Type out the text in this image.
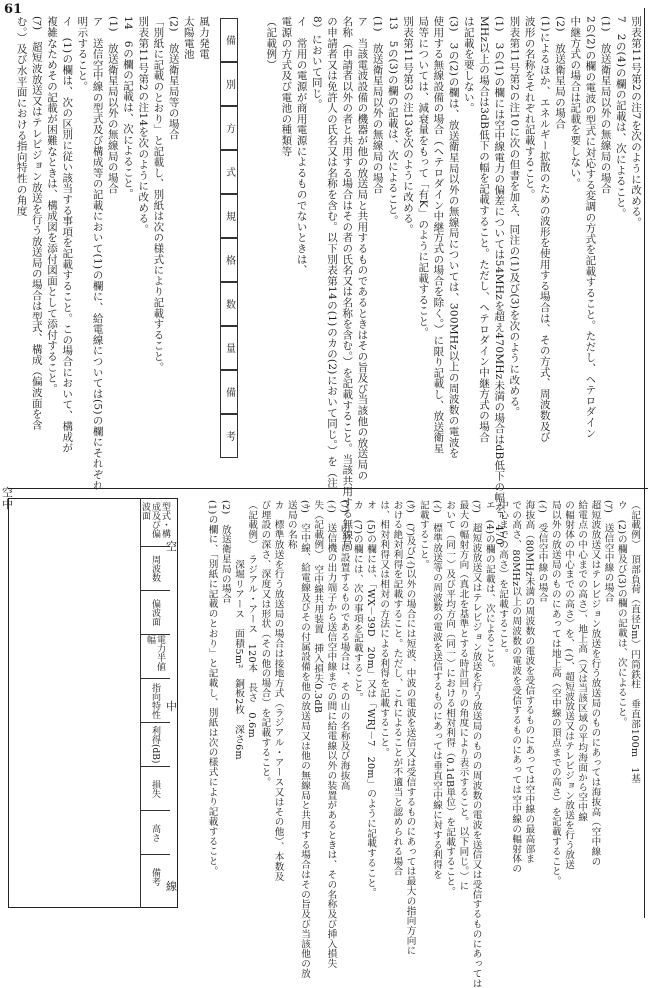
61
別表第11号第2の注7を次のように改める。
7　2の(4)の欄の記載は、次によること。
(1)　放送衛星局以外の無線局の場合
2の(2)の欄の電波の型式に対応する変調の方式を記載すること。ただし、ヘテロダイン
中継方式の場合は記載を要しない。
(2)　放送衛星局の場合
(1)によるほか、エネルギー拡散のための波形を使用する場合は、その方式、周波数及び
波形の名称をそれぞれ記載すること。
別表第11号第2の注10に次の但書を加え、同注の(1)及び(3)を次のように改める。
(1)　3の(1)の欄には空中線電力の偏差については54MHzを超え470MHz未満の場合はdB低下の幅を、470
MHz以上の場合は3dB低下の幅を記載すること。ただし、ヘテロダイン中継方式の場合
は記載を要しない。
(3)　3の(2)の欄は、放送衛星局以外の無線局については、300MHz以上の周波数の電波を
使用する無線設備の場合（ヘテロダイン中継方式の場合を除く。）に限り記載し、放送衛星
局等については、減衰量をもって「有K」のように記載すること。
別表第11号第3の注13を次のように改める。
13　5の(3)の欄の記載は、次によること。
(1)　放送衛星局以外の無線局の場合
ア　当該電波設備の機器が他の放送局と共用するものであるときはその旨及び当該他の放送局の
名称（申請者以外の者と共用する場合はその者の氏名又は名称を含む。）を記載すること。当該共用する無線局
の申請者又は免許人の氏名又は名称を含む。以下別表第14の(1)のカの(2)において同じ。）を（注
8）において同じ。
イ　常用の電源が商用電源によるものでないときは、
電源の方式及び電池の種類等
（記載例）
風力発電
太陽電池
(2)　放送衛星局等の場合
「別紙に記載のとおり」と記載し、別紙は次の様式により記載すること。
別表第11号第2の注14を次のように改める。
14　6の欄の記載は、次によること。
(1)　放送衛星局以外の無線局の場合
ア　送信空中線の型式及び構成等の記載において(1)の欄に、給電線については(5)の欄にそれぞれ
明示すること。
イ　(1)の欄は、次の区別に従い該当する事項を記載すること。この場合において、構成が
複雑なためその記載が困難なときは、構成図を添付図面として添付すること。
(ｱ)　超短波放送又はテレビジョン放送を行う放送局の場合は型式、構成（偏波面を含
む。）及び水平面における指向特性の角度	備
別
方
式
規
格
数
量
備
考
（記載例）　頂部負荷（直径5m）円筒鉄柱　垂直部100m　1基
ウ　(2)の欄及び(3)の欄の記載は、次によること。
(ｱ)　送信空中線の場合
超短波放送又はテレビジョン放送を行う放送局のものにあっては海抜高（空中線の
給電点の中心までの高さ）、地上高（又は当該区域の平均海面から空中線
の輻射体の中心までの高さ）を、(ｲ)、超短波放送又はテレビジョン放送を行う放送
局以外の放送局のものにあっては地上高（空中線の頂点までの高さ）を記載すること。
(ｲ)　受信空中線の場合
海抜高（80MHz未満の周波数の電波を受信するものにあっては空中線の最高部ま
での高さ、80MHz以上の周波数の電波を受信するものにあっては空中線の輻射体の
中心までの高さ）を記載すること。
エ　(4)の欄の記載は、次によること。
(ｱ)　超短波放送又はテレビジョン放送を行う放送局のものの周波数の電波を送信又は受信するものにあっては
最大の輻射方向（真北を基準とする時計回りの角度により表示すること。以下同じ。）に
おいて（同一）及び平均方向（同一）における相対利得（0.1dB単位）を記載すること。
(ｲ)　標準放送等の周波数の電波を送信するものにあっては垂直空中線に対する利得を
記載すること。
(ｳ)　(ｱ)及び(ｲ)以外の場合には短波、中波の電波を送信又は受信するものにあっては最大の指向方向に
おける絶対利得を記載すること。ただし、これによることが不適当と認められる場合
は、相対利得又は相対の方法による利得を記載すること。
オ　(5)の欄には、「WX－39D　20m」又は「WRJ－7　20m」のように記載すること。
カ　(7)の欄には、次の事項を記載すること。
(ｱ)　山上に設置するものである場合は、その山の名称及び海抜高
(ｲ)　送信機の出力端子から送信空中線までの間に給電線以外の装置があるときは、その名称及び挿入損失
失（記載例）　空中線共用装置　挿入損失0.3dB
(ｳ)　空中線、給電線及びその付属設備を他の放送局又は他の無線局と共用する場合はその旨及び当該他の放
送局の名称
カ　標準放送を行う放送局の場合は接地方式（ラジアル・アース又はその他）、本数及
び埋設の深さ、深度又は形状（その他の場合）を記載すること。
（記載例）　ラジアル・アース　120本　長さ　0.6m
　　　　　　深堀リアース　面積5m²　銅板2枚　深さ6m
(2)　放送衛星局の場合
(1)の欄に、「別紙に記載のとおり」と記載し、別紙は次の様式により記載すること。
型式・構成及び偏波面
周波数
偏波面
電力半値幅
指向特性
利得(dB)
損失
高さ
備考
空
中
線
中
空
